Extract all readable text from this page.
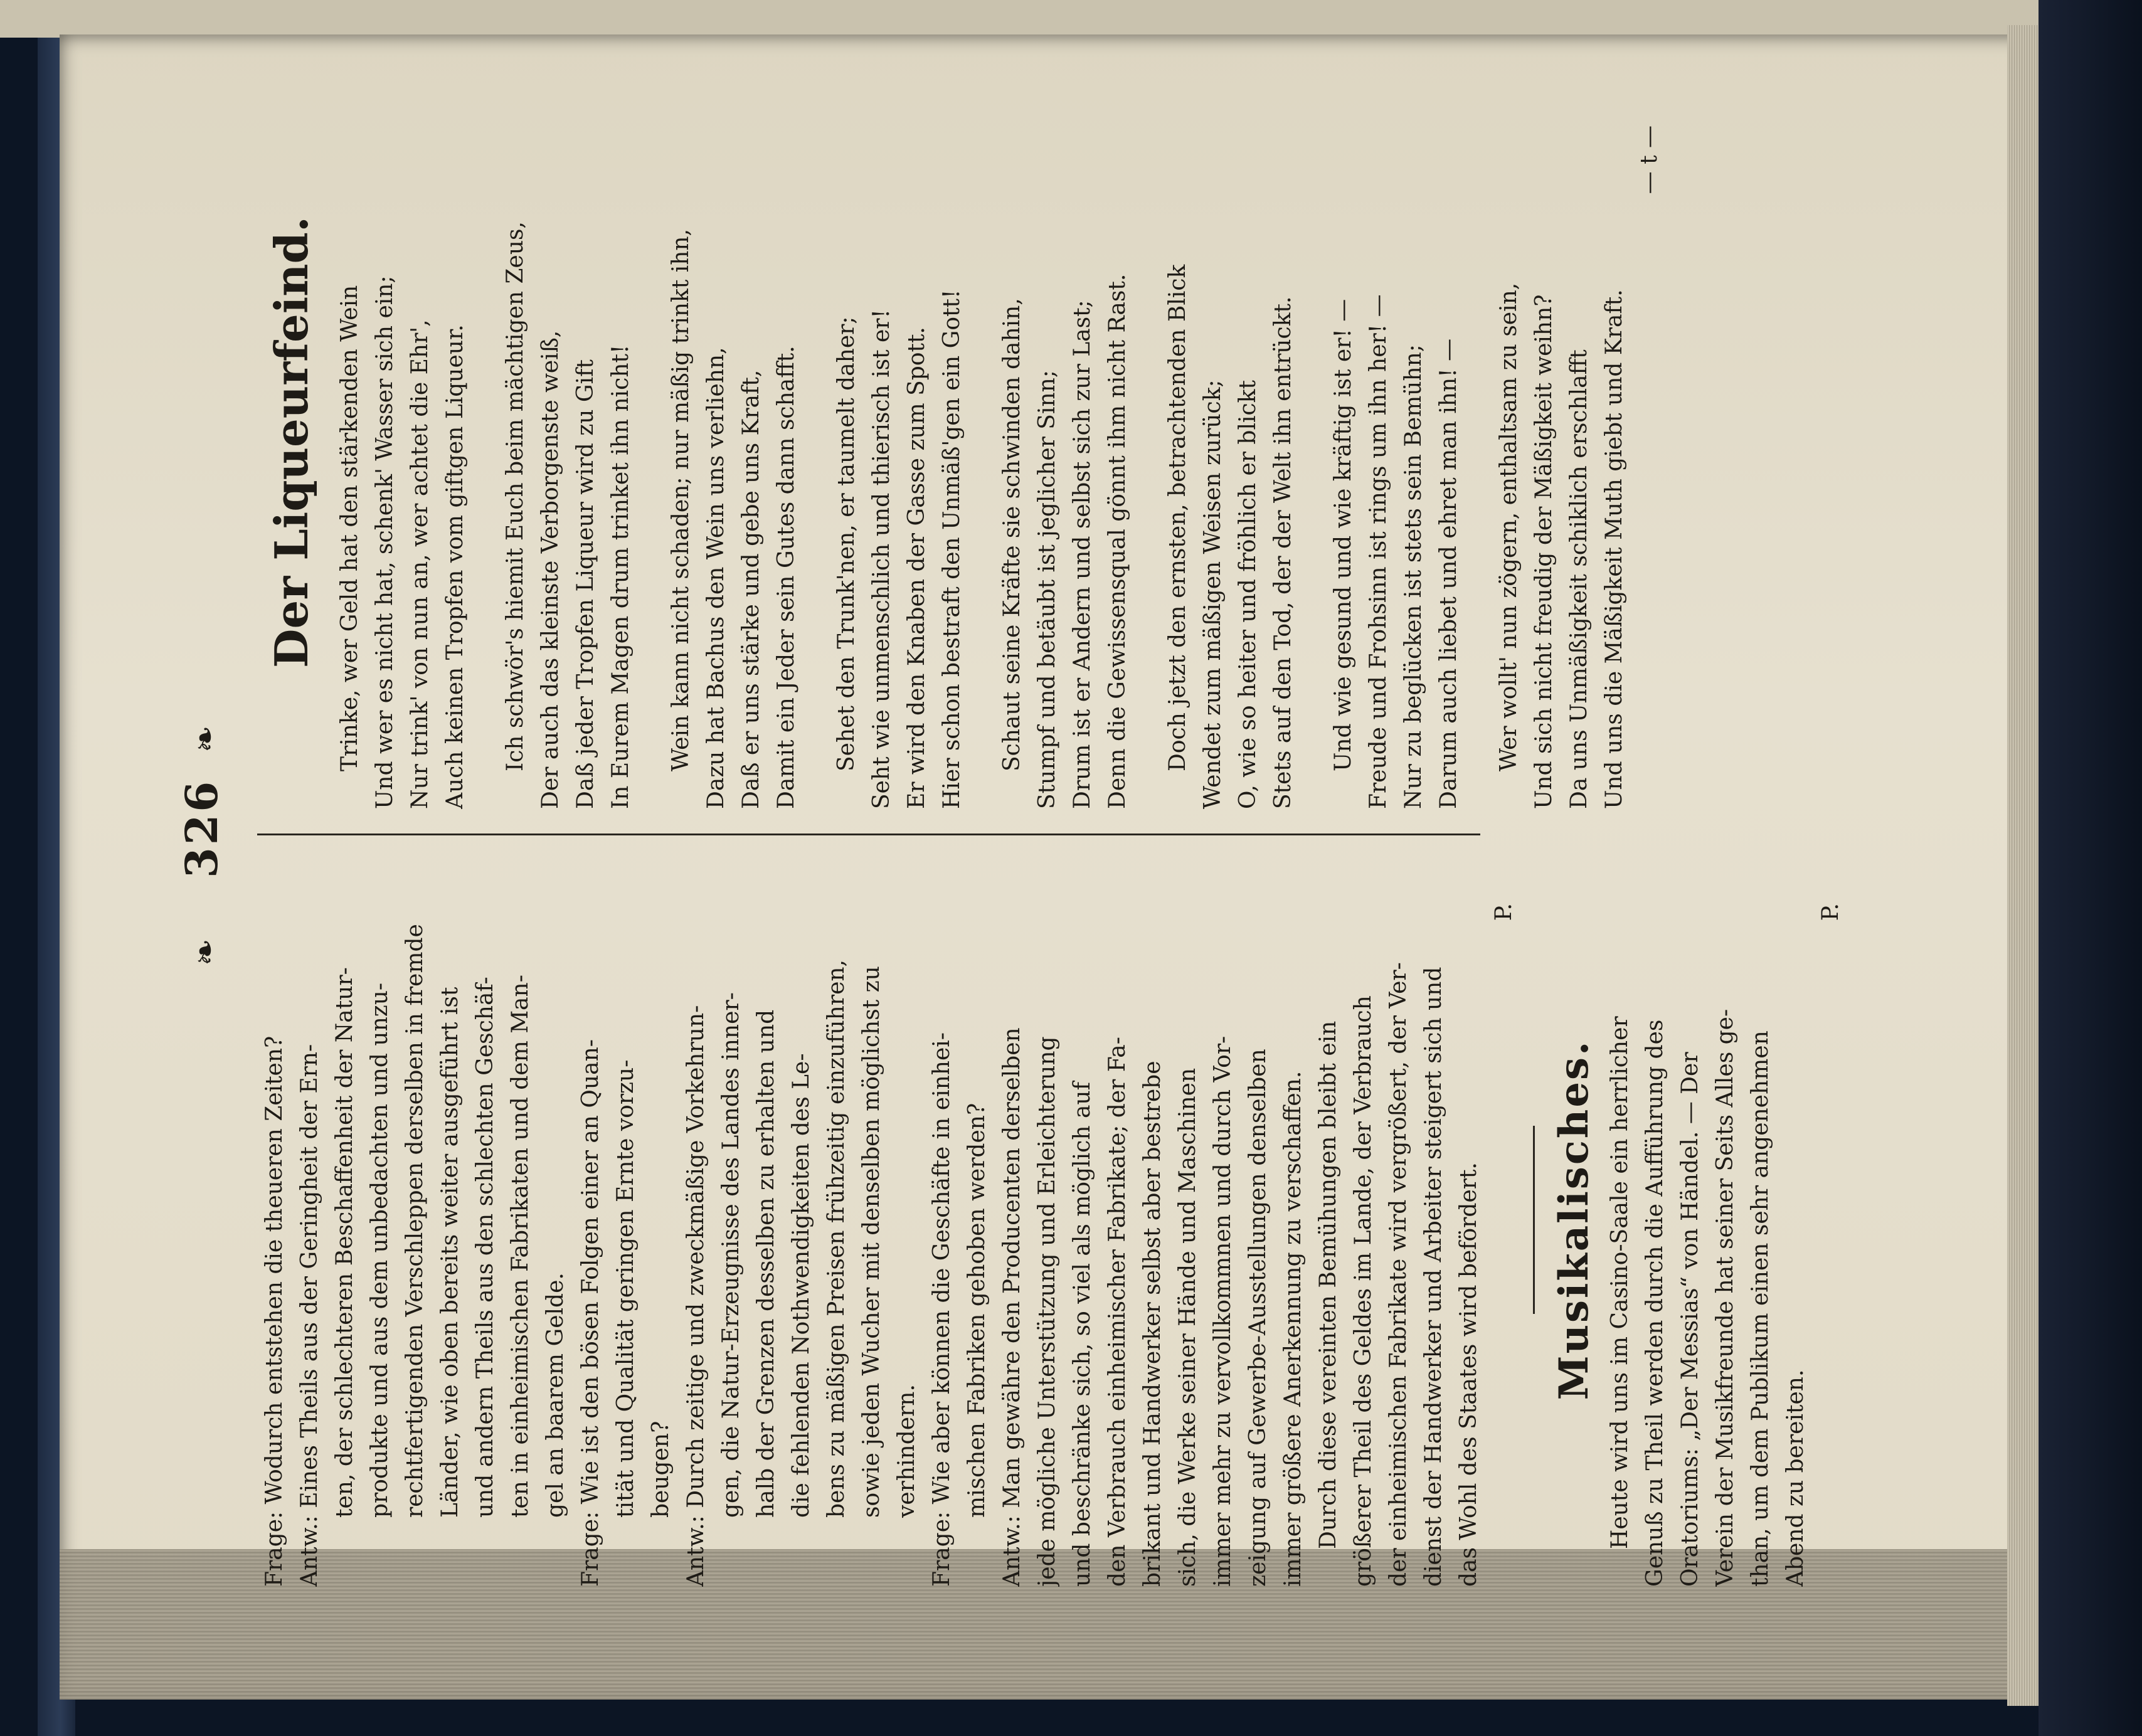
❧
326
❧
Frage: Wodurch entstehen die theueren Zeiten? Antw.: Eines Theils aus der Geringheit der Ern- ten, der schlechteren Beschaffenheit der Natur- produkte und aus dem unbedachten und unzu- rechtfertigenden Verschleppen derselben in fremde Länder, wie oben bereits weiter ausgeführt ist und andern Theils aus den schlechten Geschäf- ten in einheimischen Fabrikaten und dem Man- gel an baarem Gelde. Frage: Wie ist den bösen Folgen einer an Quan- tität und Qualität geringen Ernte vorzu- beugen? Antw.: Durch zeitige und zweckmäßige Vorkehrun- gen, die Natur-Erzeugnisse des Landes inner- halb der Grenzen desselben zu erhalten und die fehlenden Nothwendigkeiten des Le- bens zu mäßigen Preisen frühzeitig einzuführen, sowie jeden Wucher mit denselben möglichst zu verhindern. Frage: Wie aber können die Geschäfte in einhei- mischen Fabriken gehoben werden? Antw.: Man gewähre den Producenten derselben jede mögliche Unterstützung und Erleichterung und beschränke sich, so viel als möglich auf den Verbrauch einheimischer Fabrikate; der Fa- brikant und Handwerker selbst aber bestrebe sich, die Werke seiner Hände und Maschinen immer mehr zu vervollkommnen und durch Vor- zeigung auf Gewerbe-Ausstellungen denselben immer größere Anerkennung zu verschaffen. Durch diese vereinten Bemühungen bleibt ein größerer Theil des Geldes im Lande, der Verbrauch der einheimischen Fabrikate wird vergrößert, der Ver- dienst der Handwerker und Arbeiter steigert sich und das Wohl des Staates wird befördert.
P.
Musikalisches. Heute wird uns im Casino-Saale ein herrlicher Genuß zu Theil werden durch die Aufführung des Oratoriums: „Der Messias“ von Händel. — Der Verein der Musikfreunde hat seiner Seits Alles ge- than, um dem Publikum einen sehr angenehmen Abend zu bereiten.
P.
Der Liqueurfeind. Trinke, wer Geld hat den stärkenden Wein Und wer es nicht hat, schenk' Wasser sich ein; Nur trink' von nun an, wer achtet die Ehr', Auch keinen Tropfen vom giftgen Liqueur. Ich schwör's hiemit Euch beim mächtigen Zeus, Der auch das kleinste Verborgenste weiß, Daß jeder Tropfen Liqueur wird zu Gift In Eurem Magen drum trinket ihn nicht! Wein kann nicht schaden; nur mäßig trinkt ihn, Dazu hat Bachus den Wein uns verliehn, Daß er uns stärke und gebe uns Kraft, Damit ein Jeder sein Gutes dann schafft. Sehet den Trunk'nen, er taumelt daher; Seht wie unmenschlich und thierisch ist er! Er wird den Knaben der Gasse zum Spott. Hier schon bestraft den Unmäß'gen ein Gott! Schaut seine Kräfte sie schwinden dahin, Stumpf und betäubt ist jeglicher Sinn; Drum ist er Andern und selbst sich zur Last; Denn die Gewissensqual gönnt ihm nicht Rast. Doch jetzt den ernsten, betrachtenden Blick Wendet zum mäßigen Weisen zurück; O, wie so heiter und fröhlich er blickt Stets auf den Tod, der der Welt ihn entrückt. Und wie gesund und wie kräftig ist er! — Freude und Frohsinn ist rings um ihn her! — Nur zu beglücken ist stets sein Bemühn; Darum auch liebet und ehret man ihn! — Wer wollt' nun zögern, enthaltsam zu sein, Und sich nicht freudig der Mäßigkeit weihn? Da uns Unmäßigkeit schiklich erschlafft Und uns die Mäßigkeit Muth giebt und Kraft.
— t —
